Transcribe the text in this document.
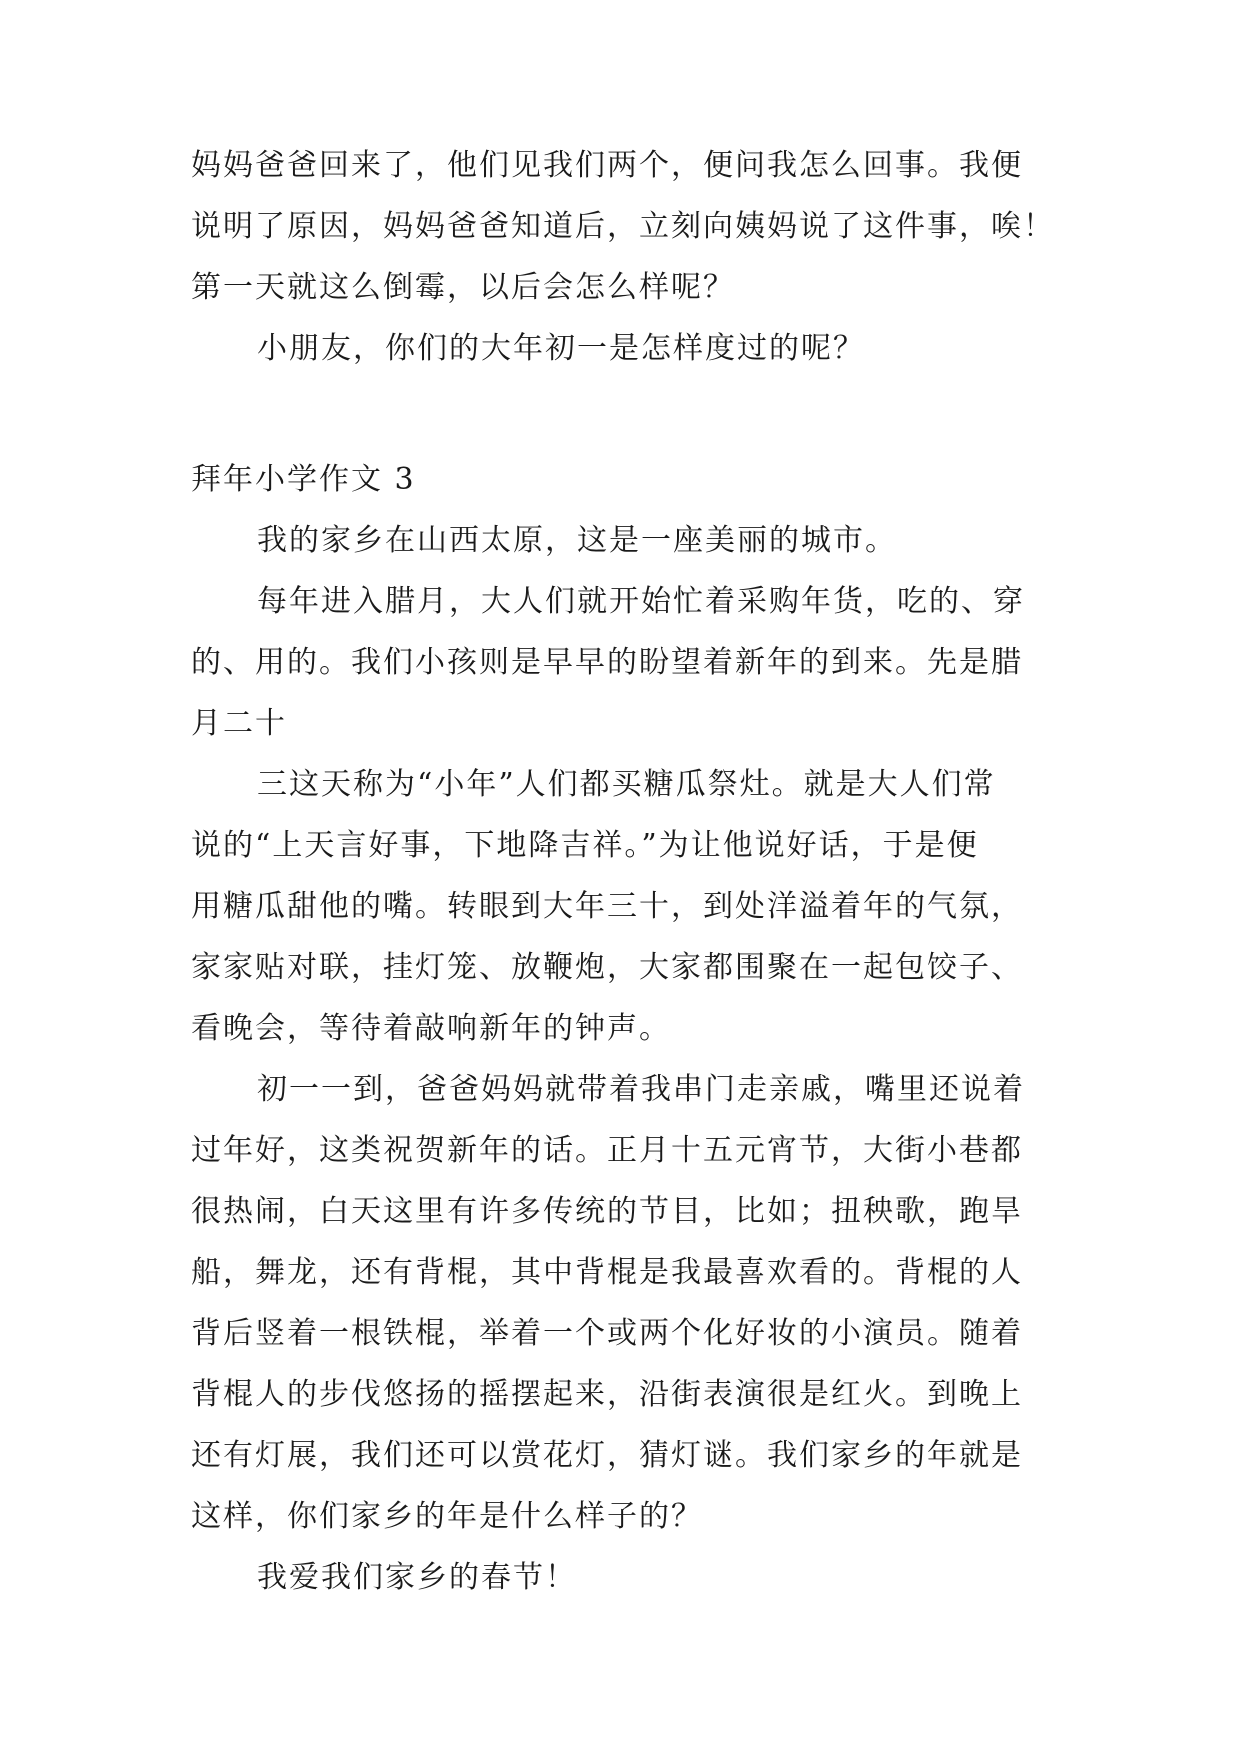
妈妈爸爸回来了，他们见我们两个，便问我怎么回事。我便
说明了原因，妈妈爸爸知道后，立刻向姨妈说了这件事，唉！
第一天就这么倒霉，以后会怎么样呢？
小朋友，你们的大年初一是怎样度过的呢？
拜年小学作文 3
我的家乡在山西太原，这是一座美丽的城市。
每年进入腊月，大人们就开始忙着采购年货，吃的、穿
的、用的。我们小孩则是早早的盼望着新年的到来。先是腊
月二十
三这天称为“小年”人们都买糖瓜祭灶。就是大人们常
说的“上天言好事，下地降吉祥。”为让他说好话，于是便
用糖瓜甜他的嘴。转眼到大年三十，到处洋溢着年的气氛，
家家贴对联，挂灯笼、放鞭炮，大家都围聚在一起包饺子、
看晚会，等待着敲响新年的钟声。
初一一到，爸爸妈妈就带着我串门走亲戚，嘴里还说着
过年好，这类祝贺新年的话。正月十五元宵节，大街小巷都
很热闹，白天这里有许多传统的节目，比如；扭秧歌，跑旱
船，舞龙，还有背棍，其中背棍是我最喜欢看的。背棍的人
背后竖着一根铁棍，举着一个或两个化好妆的小演员。随着
背棍人的步伐悠扬的摇摆起来，沿街表演很是红火。到晚上
还有灯展，我们还可以赏花灯，猜灯谜。我们家乡的年就是
这样，你们家乡的年是什么样子的？
我爱我们家乡的春节！
